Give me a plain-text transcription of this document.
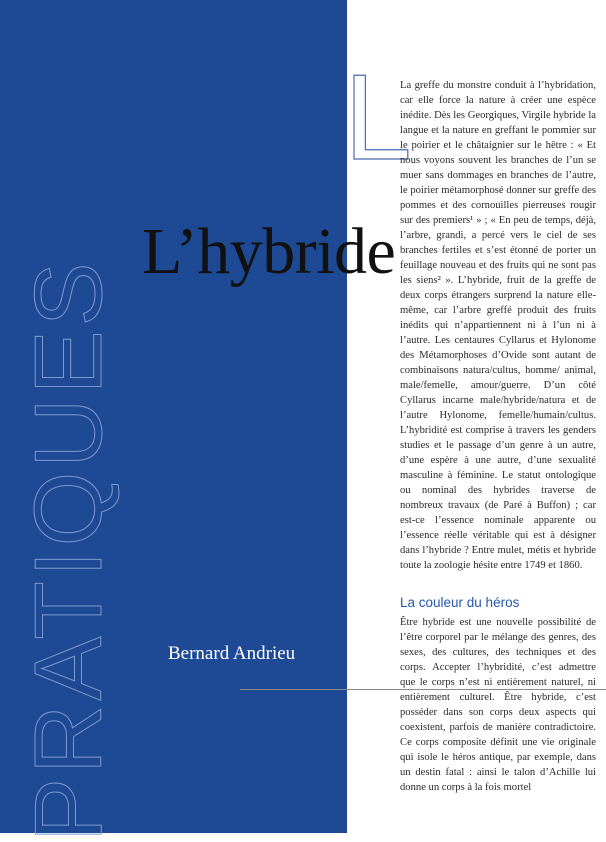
PRATIQUES
L
L’hybride
Bernard Andrieu

La greffe du monstre conduit à l’hybridation, car elle force la nature à créer une espèce inédite. Dès les Georgiques, Virgile hybride la langue et la nature en greffant le pommier sur le poirier et le châtaignier sur le hêtre : « Et nous voyons souvent les branches de l’un se muer sans dommages en branches de l’autre, le poirier métamorphosé donner sur greffe des pommes et des cornouilles pierreuses rougir sur des premiers¹ » ; « En peu de temps, déjà, l’arbre, grandi, a percé vers le ciel de ses branches fertiles et s’est étonné de porter un feuillage nouveau et des fruits qui ne sont pas les siens² ». L’hybride, fruit de la greffe de deux corps étrangers surprend la nature elle-même, car l’arbre greffé produit des fruits inédits qui n’appartiennent ni à l’un ni à l’autre. Les centaures Cyllarus et Hylonome des Métamorphoses d’Ovide sont autant de combinaisons natura/cultus, homme/ animal, male/femelle, amour/guerre. D’un côté Cyllarus incarne male/hybride/natura et de l’autre Hylonome, femelle/humain/cultus. L’hybridité est comprise à travers les genders studies et le passage d’un genre à un autre, d’une espère à une autre, d’une sexualité masculine à féminine. Le statut ontologique ou nominal des hybrides traverse de nombreux travaux (de Paré à Buffon) ; car est-ce l’essence nominale apparente ou l’essence réelle véritable qui est à désigner dans l’hybride ? Entre mulet, métis et hybride toute la zoologie hésite entre 1749 et 1860.

La couleur du héros

Être hybride est une nouvelle possibilité de l’être corporel par le mélange des genres, des sexes, des cultures, des techniques et des corps. Accepter l’hybridité, c’est admettre que le corps n’est ni entièrement naturel, ni entièrement culturel. Être hybride, c’est posséder dans son corps deux aspects qui coexistent, parfois de manière contradictoire. Ce corps composite définit une vie originale qui isole le héros antique, par exemple, dans un destin fatal : ainsi le talon d’Achille lui donne un corps à la fois mortel
